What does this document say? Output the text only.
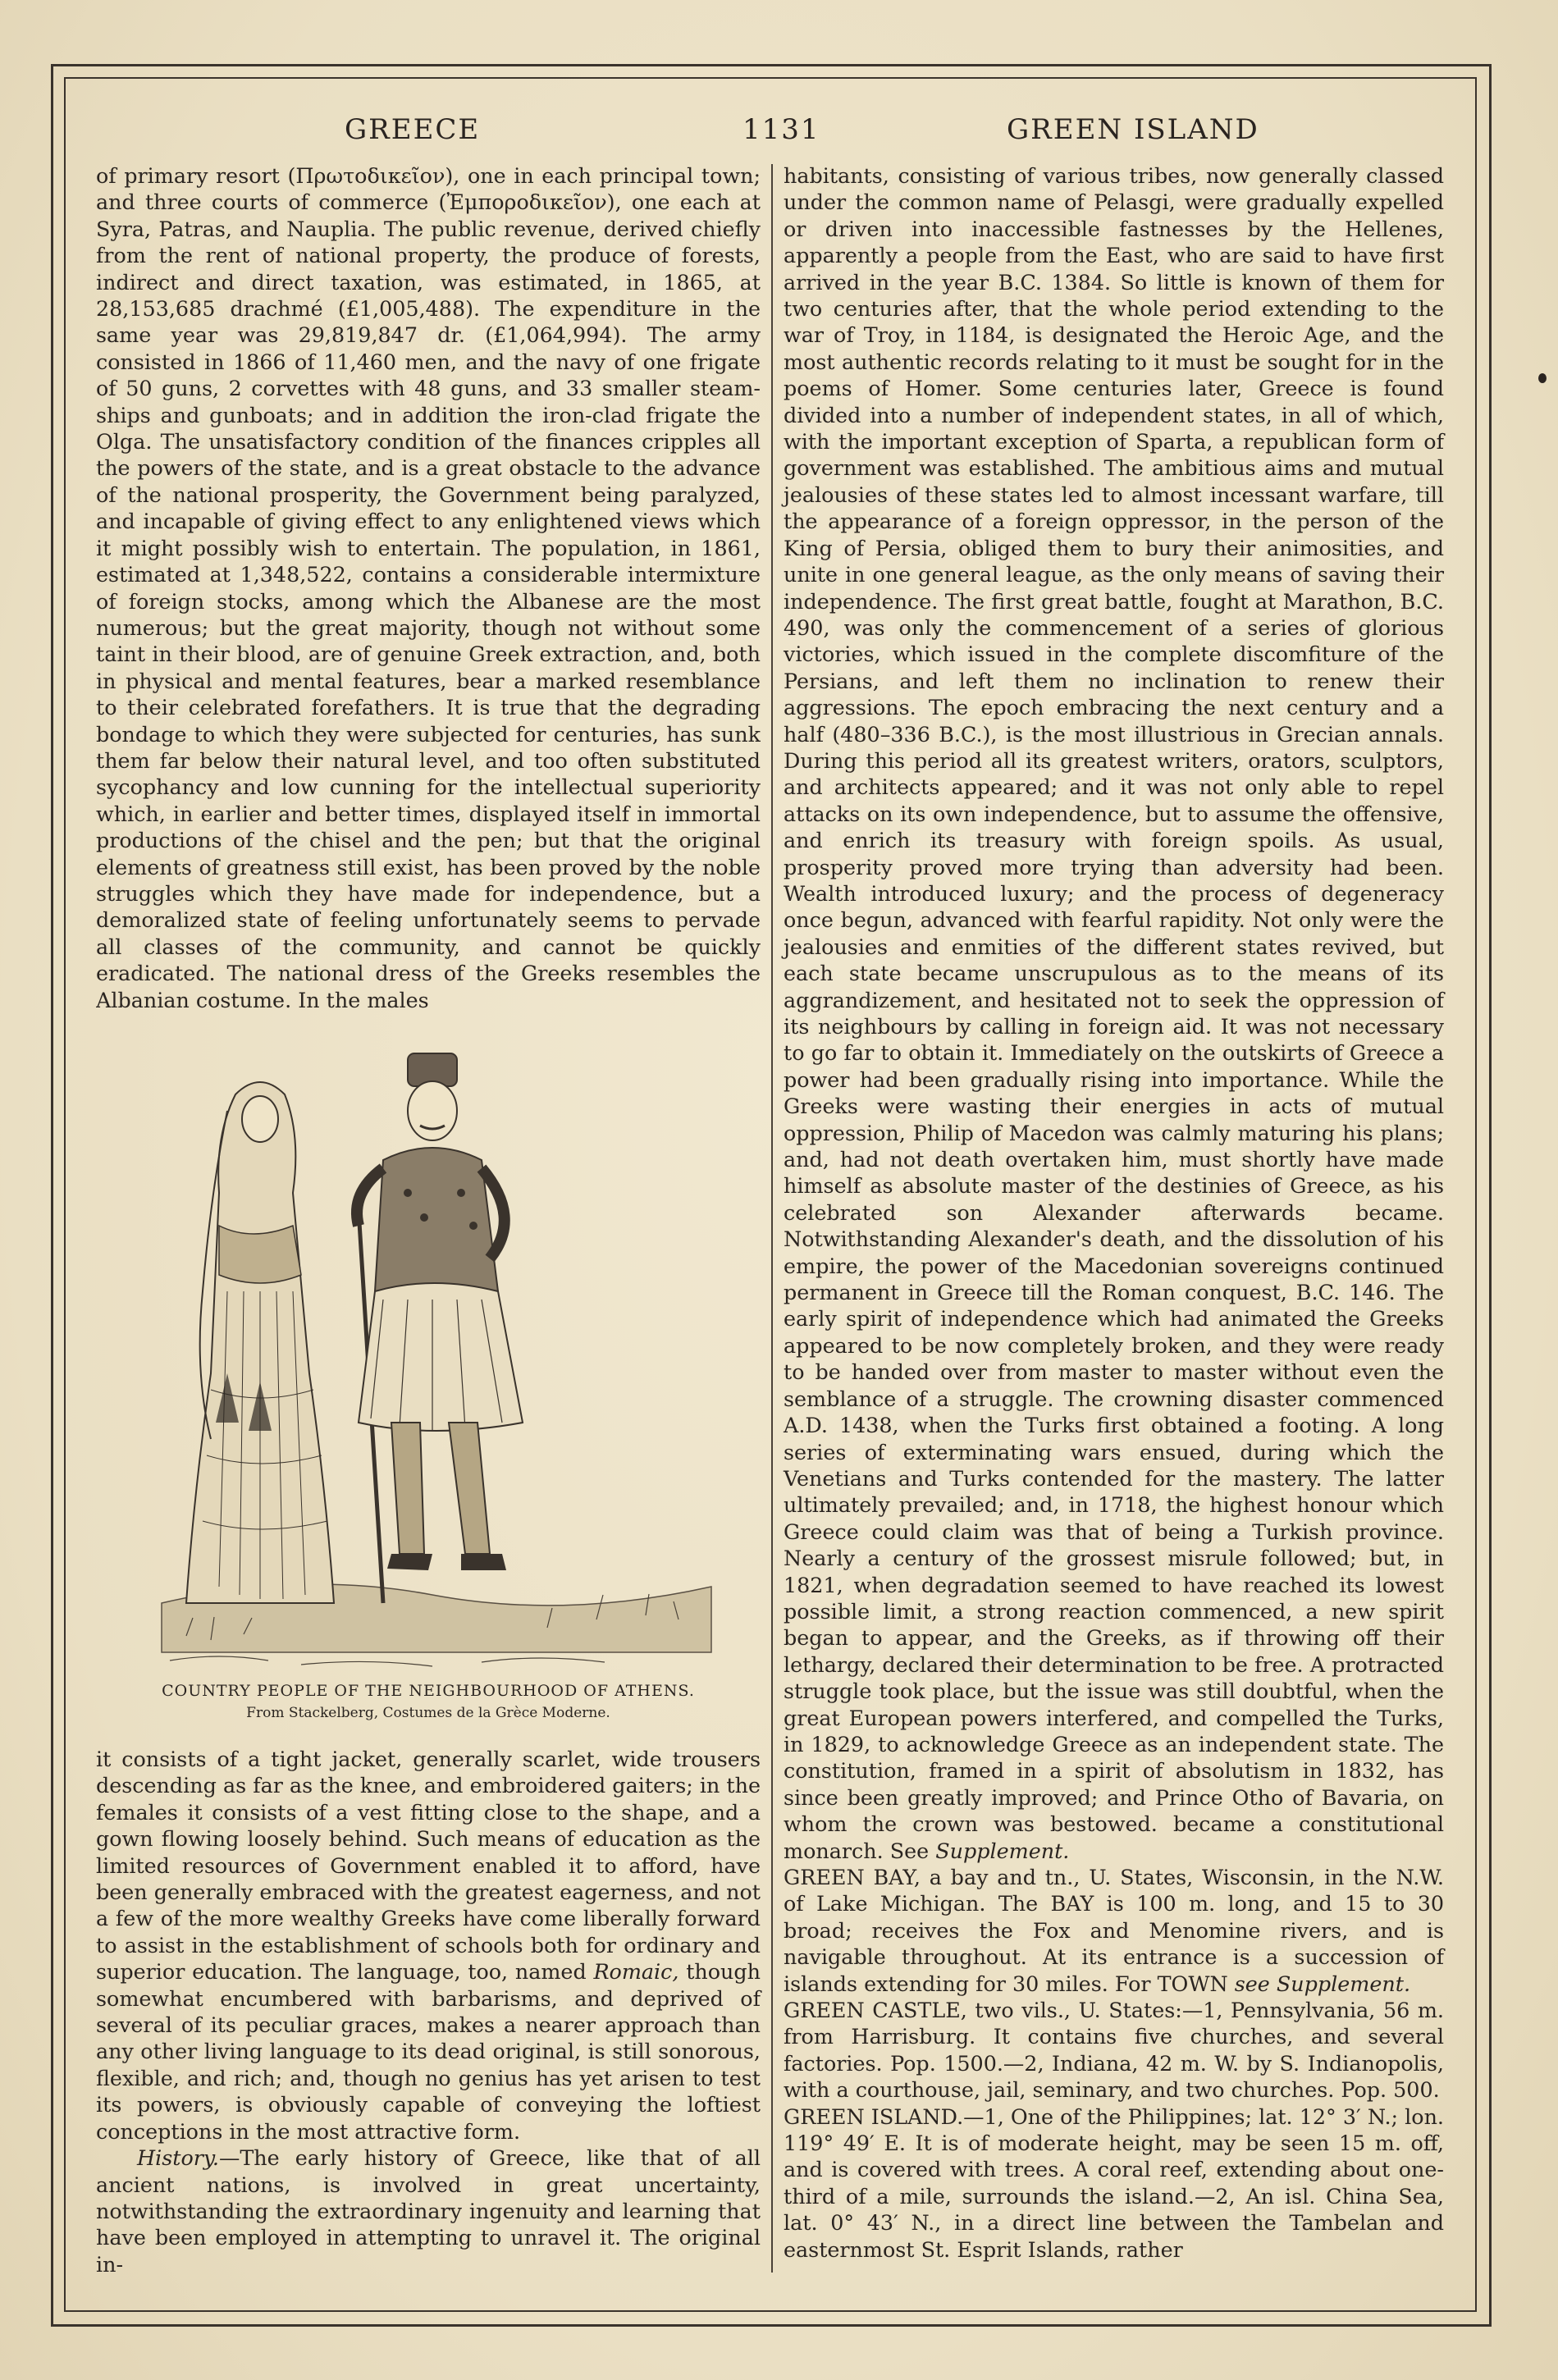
GREECE	1131	GREEN ISLAND

of primary resort (Πρωτοδικεῖον), one in each principal town; and three courts of commerce (Ἐμποροδικεῖον), one each at Syra, Patras, and Nauplia. The public revenue, derived chiefly from the rent of national property, the produce of forests, indirect and direct taxation, was estimated, in 1865, at 28,153,685 drachmé (£1,005,488). The expenditure in the same year was 29,819,847 dr. (£1,064,994). The army consisted in 1866 of 11,460 men, and the navy of one frigate of 50 guns, 2 corvettes with 48 guns, and 33 smaller steam-ships and gunboats; and in addition the iron-clad frigate the Olga. The unsatisfactory condition of the finances cripples all the powers of the state, and is a great obstacle to the advance of the national prosperity, the Government being paralyzed, and incapable of giving effect to any enlightened views which it might possibly wish to entertain. The population, in 1861, estimated at 1,348,522, contains a considerable intermixture of foreign stocks, among which the Albanese are the most numerous; but the great majority, though not without some taint in their blood, are of genuine Greek extraction, and, both in physical and mental features, bear a marked resemblance to their celebrated forefathers. It is true that the degrading bondage to which they were subjected for centuries, has sunk them far below their natural level, and too often substituted sycophancy and low cunning for the intellectual superiority which, in earlier and better times, displayed itself in immortal productions of the chisel and the pen; but that the original elements of greatness still exist, has been proved by the noble struggles which they have made for independence, but a demoralized state of feeling unfortunately seems to pervade all classes of the community, and cannot be quickly eradicated. The national dress of the Greeks resembles the Albanian costume. In the males

COUNTRY PEOPLE OF THE NEIGHBOURHOOD OF ATHENS.
From Stackelberg, Costumes de la Grèce Moderne.

it consists of a tight jacket, generally scarlet, wide trousers descending as far as the knee, and embroidered gaiters; in the females it consists of a vest fitting close to the shape, and a gown flowing loosely behind. Such means of education as the limited resources of Government enabled it to afford, have been generally embraced with the greatest eagerness, and not a few of the more wealthy Greeks have come liberally forward to assist in the establishment of schools both for ordinary and superior education. The language, too, named Romaic, though somewhat encumbered with barbarisms, and deprived of several of its peculiar graces, makes a nearer approach than any other living language to its dead original, is still sonorous, flexible, and rich; and, though no genius has yet arisen to test its powers, is obviously capable of conveying the loftiest conceptions in the most attractive form.

History.—The early history of Greece, like that of all ancient nations, is involved in great uncertainty, notwithstanding the extraordinary ingenuity and learning that have been employed in attempting to unravel it. The original in-

habitants, consisting of various tribes, now generally classed under the common name of Pelasgi, were gradually expelled or driven into inaccessible fastnesses by the Hellenes, apparently a people from the East, who are said to have first arrived in the year B.C. 1384. So little is known of them for two centuries after, that the whole period extending to the war of Troy, in 1184, is designated the Heroic Age, and the most authentic records relating to it must be sought for in the poems of Homer. Some centuries later, Greece is found divided into a number of independent states, in all of which, with the important exception of Sparta, a republican form of government was established. The ambitious aims and mutual jealousies of these states led to almost incessant warfare, till the appearance of a foreign oppressor, in the person of the King of Persia, obliged them to bury their animosities, and unite in one general league, as the only means of saving their independence. The first great battle, fought at Marathon, B.C. 490, was only the commencement of a series of glorious victories, which issued in the complete discomfiture of the Persians, and left them no inclination to renew their aggressions. The epoch embracing the next century and a half (480–336 B.C.), is the most illustrious in Grecian annals. During this period all its greatest writers, orators, sculptors, and architects appeared; and it was not only able to repel attacks on its own independence, but to assume the offensive, and enrich its treasury with foreign spoils. As usual, prosperity proved more trying than adversity had been. Wealth introduced luxury; and the process of degeneracy once begun, advanced with fearful rapidity. Not only were the jealousies and enmities of the different states revived, but each state became unscrupulous as to the means of its aggrandizement, and hesitated not to seek the oppression of its neighbours by calling in foreign aid. It was not necessary to go far to obtain it. Immediately on the outskirts of Greece a power had been gradually rising into importance. While the Greeks were wasting their energies in acts of mutual oppression, Philip of Macedon was calmly maturing his plans; and, had not death overtaken him, must shortly have made himself as absolute master of the destinies of Greece, as his celebrated son Alexander afterwards became. Notwithstanding Alexander's death, and the dissolution of his empire, the power of the Macedonian sovereigns continued permanent in Greece till the Roman conquest, B.C. 146. The early spirit of independence which had animated the Greeks appeared to be now completely broken, and they were ready to be handed over from master to master without even the semblance of a struggle. The crowning disaster commenced A.D. 1438, when the Turks first obtained a footing. A long series of exterminating wars ensued, during which the Venetians and Turks contended for the mastery. The latter ultimately prevailed; and, in 1718, the highest honour which Greece could claim was that of being a Turkish province. Nearly a century of the grossest misrule followed; but, in 1821, when degradation seemed to have reached its lowest possible limit, a strong reaction commenced, a new spirit began to appear, and the Greeks, as if throwing off their lethargy, declared their determination to be free. A protracted struggle took place, but the issue was still doubtful, when the great European powers interfered, and compelled the Turks, in 1829, to acknowledge Greece as an independent state. The constitution, framed in a spirit of absolutism in 1832, has since been greatly improved; and Prince Otho of Bavaria, on whom the crown was bestowed. became a constitutional monarch. See Supplement.

GREEN BAY, a bay and tn., U. States, Wisconsin, in the N.W. of Lake Michigan. The BAY is 100 m. long, and 15 to 30 broad; receives the Fox and Menomine rivers, and is navigable throughout. At its entrance is a succession of islands extending for 30 miles. For TOWN see Supplement.

GREEN CASTLE, two vils., U. States:—1, Pennsylvania, 56 m. from Harrisburg. It contains five churches, and several factories. Pop. 1500.—2, Indiana, 42 m. W. by S. Indianopolis, with a courthouse, jail, seminary, and two churches. Pop. 500.

GREEN ISLAND.—1, One of the Philippines; lat. 12° 3′ N.; lon. 119° 49′ E. It is of moderate height, may be seen 15 m. off, and is covered with trees. A coral reef, extending about one-third of a mile, surrounds the island.—2, An isl. China Sea, lat. 0° 43′ N., in a direct line between the Tambelan and easternmost St. Esprit Islands, rather
